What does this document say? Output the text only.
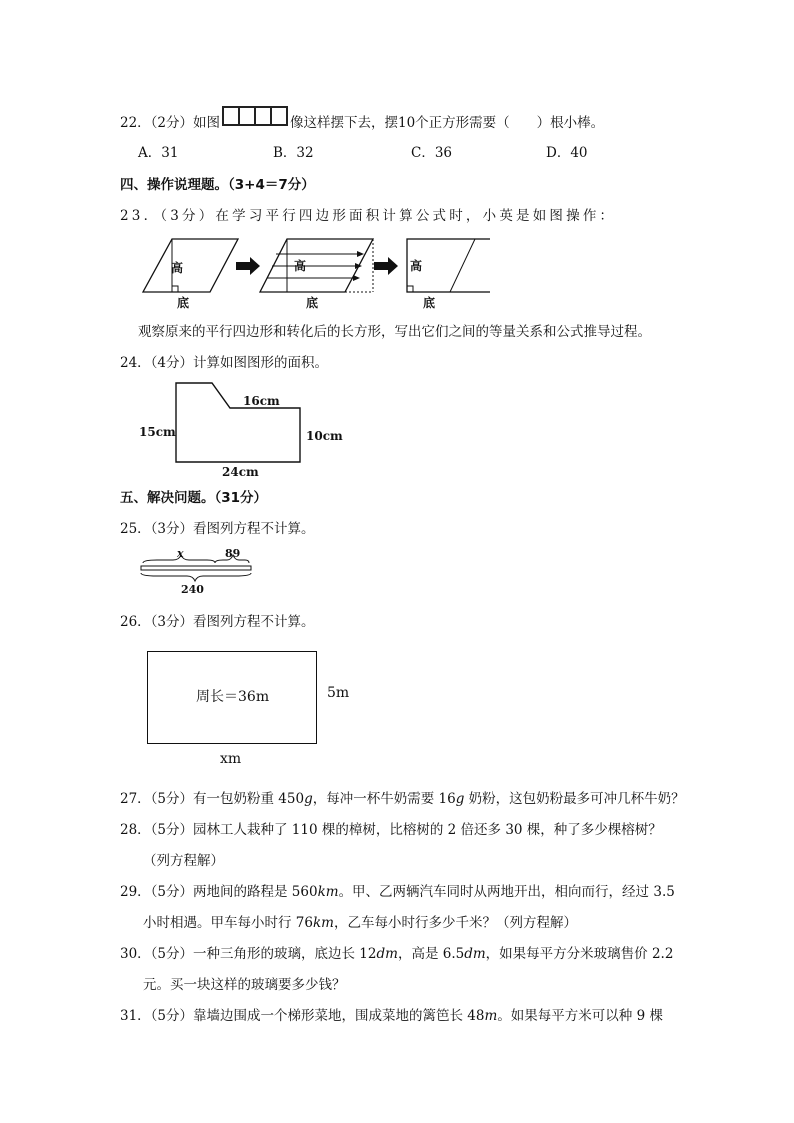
22．（2分）如图	像这样摆下去，摆10个正方形需要（　　）根小棒。
A．31	B．32	C．36	D．40
四、操作说理题。（3+4＝7分）
23．（3分）在学习平行四边形面积计算公式时，小英是如图操作：
高
底
高
底
高
底
观察原来的平行四边形和转化后的长方形，写出它们之间的等量关系和公式推导过程。
24．（4分）计算如图图形的面积。
16cm
15cm	10cm
24cm
五、解决问题。（31分）
25．（3分）看图列方程不计算。
x	89
240
26．（3分）看图列方程不计算。
周长＝36m	5m
xm
27．（5分）有一包奶粉重 450g，每冲一杯牛奶需要 16g 奶粉，这包奶粉最多可冲几杯牛奶？
28．（5分）园林工人栽种了 110 棵的樟树，比榕树的 2 倍还多 30 棵，种了多少棵榕树？
（列方程解）
29．（5分）两地间的路程是 560km。甲、乙两辆汽车同时从两地开出，相向而行，经过 3.5
小时相遇。甲车每小时行 76km，乙车每小时行多少千米？（列方程解）
30．（5分）一种三角形的玻璃，底边长 12dm，高是 6.5dm，如果每平方分米玻璃售价 2.2
元。买一块这样的玻璃要多少钱？
31．（5分）靠墙边围成一个梯形菜地，围成菜地的篱笆长 48m。如果每平方米可以种 9 棵
